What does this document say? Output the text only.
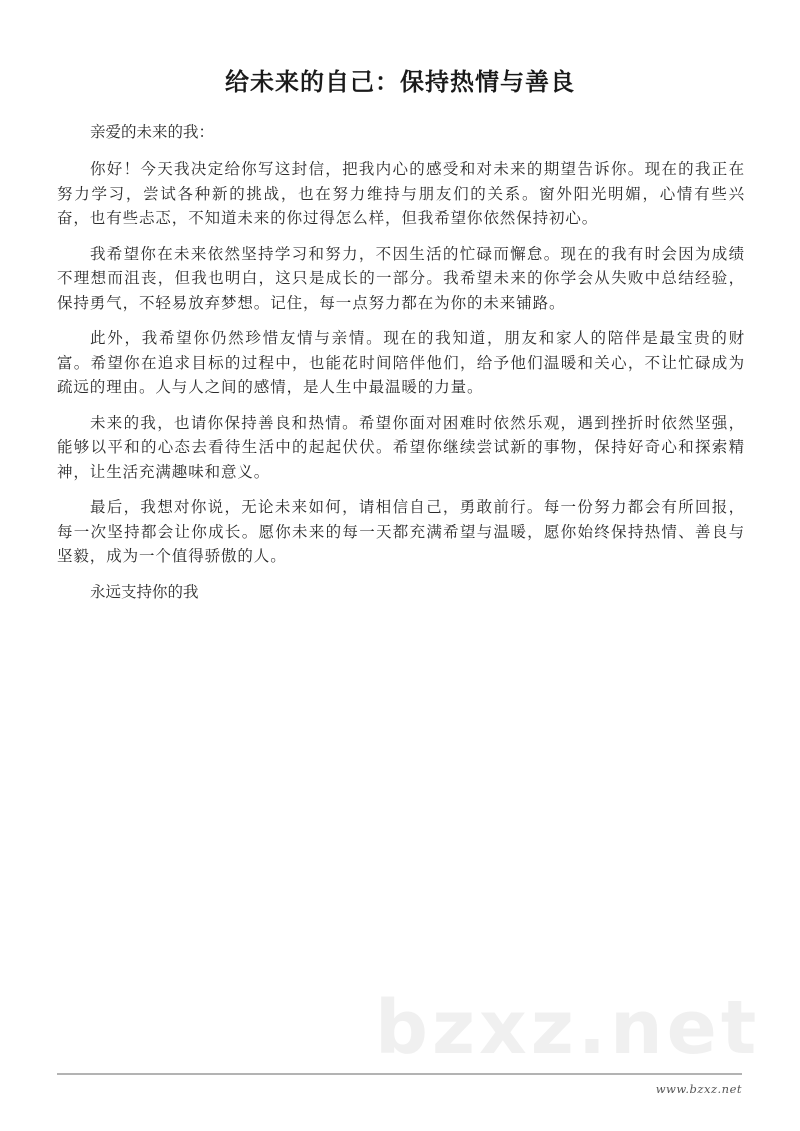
给未来的自己：保持热情与善良

亲爱的未来的我：

你好！今天我决定给你写这封信，把我内心的感受和对未来的期望告诉你。现在的我正在努力学习，尝试各种新的挑战，也在努力维持与朋友们的关系。窗外阳光明媚，心情有些兴奋，也有些忐忑，不知道未来的你过得怎么样，但我希望你依然保持初心。

我希望你在未来依然坚持学习和努力，不因生活的忙碌而懈怠。现在的我有时会因为成绩不理想而沮丧，但我也明白，这只是成长的一部分。我希望未来的你学会从失败中总结经验，保持勇气，不轻易放弃梦想。记住，每一点努力都在为你的未来铺路。

此外，我希望你仍然珍惜友情与亲情。现在的我知道，朋友和家人的陪伴是最宝贵的财富。希望你在追求目标的过程中，也能花时间陪伴他们，给予他们温暖和关心，不让忙碌成为疏远的理由。人与人之间的感情，是人生中最温暖的力量。

未来的我，也请你保持善良和热情。希望你面对困难时依然乐观，遇到挫折时依然坚强，能够以平和的心态去看待生活中的起起伏伏。希望你继续尝试新的事物，保持好奇心和探索精神，让生活充满趣味和意义。

最后，我想对你说，无论未来如何，请相信自己，勇敢前行。每一份努力都会有所回报，每一次坚持都会让你成长。愿你未来的每一天都充满希望与温暖，愿你始终保持热情、善良与坚毅，成为一个值得骄傲的人。

永远支持你的我

bzxz.net
www.bzxz.net
